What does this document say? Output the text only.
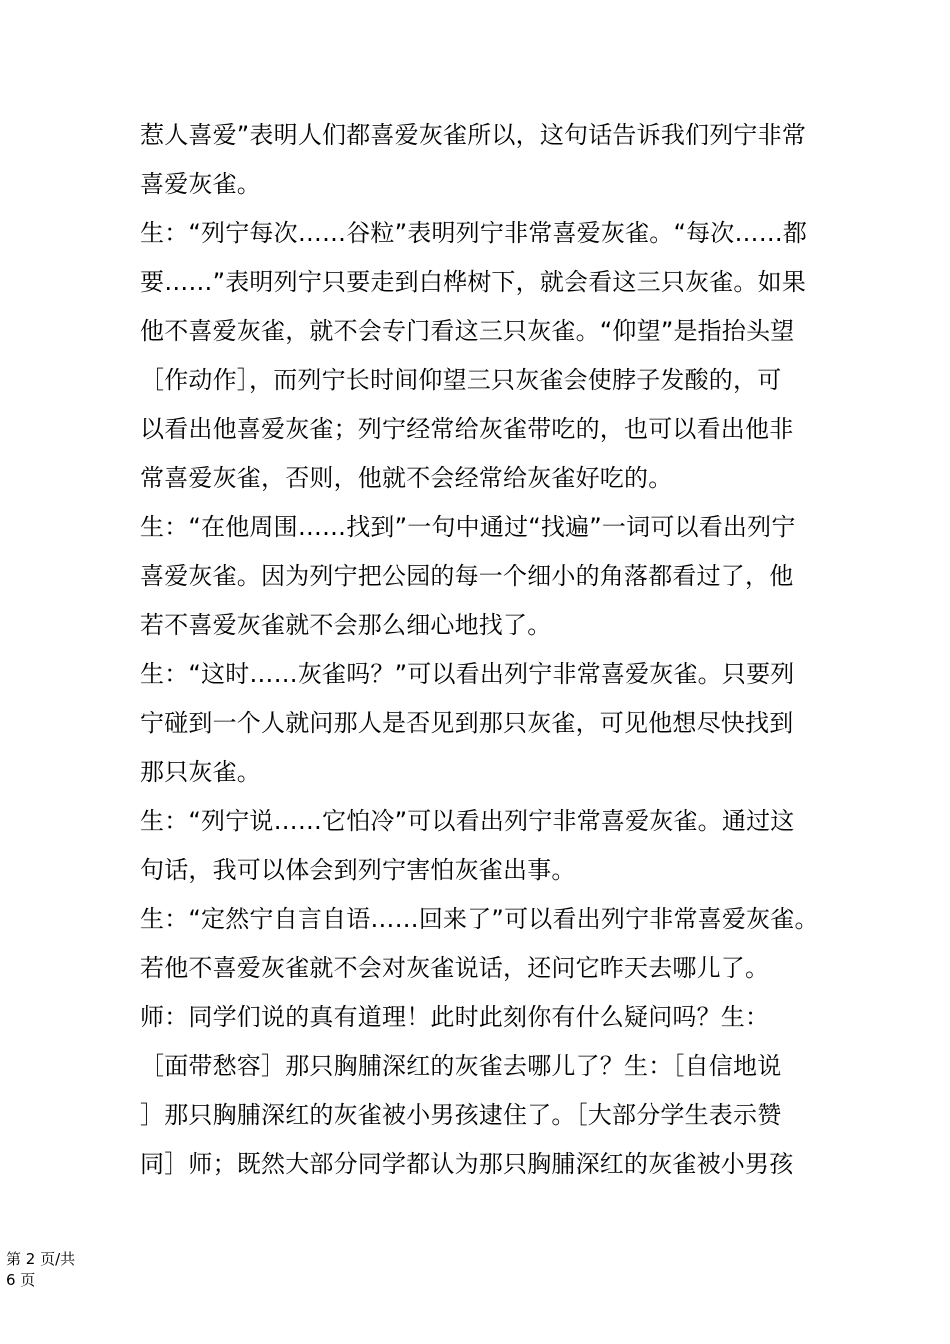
惹人喜爱”表明人们都喜爱灰雀所以，这句话告诉我们列宁非常
喜爱灰雀。
生：“列宁每次……谷粒”表明列宁非常喜爱灰雀。“每次……都
要……”表明列宁只要走到白桦树下，就会看这三只灰雀。如果
他不喜爱灰雀，就不会专门看这三只灰雀。“仰望”是指抬头望
［作动作］，而列宁长时间仰望三只灰雀会使脖子发酸的，可
以看出他喜爱灰雀；列宁经常给灰雀带吃的，也可以看出他非
常喜爱灰雀，否则，他就不会经常给灰雀好吃的。
生：“在他周围……找到”一句中通过“找遍”一词可以看出列宁
喜爱灰雀。因为列宁把公园的每一个细小的角落都看过了，他
若不喜爱灰雀就不会那么细心地找了。
生：“这时……灰雀吗？”可以看出列宁非常喜爱灰雀。只要列
宁碰到一个人就问那人是否见到那只灰雀，可见他想尽快找到
那只灰雀。
生：“列宁说……它怕冷”可以看出列宁非常喜爱灰雀。通过这
句话，我可以体会到列宁害怕灰雀出事。
生：“定然宁自言自语……回来了”可以看出列宁非常喜爱灰雀。
若他不喜爱灰雀就不会对灰雀说话，还问它昨天去哪儿了。
师：同学们说的真有道理！此时此刻你有什么疑问吗？生：
［面带愁容］那只胸脯深红的灰雀去哪儿了？生：［自信地说
］那只胸脯深红的灰雀被小男孩逮住了。［大部分学生表示赞
同］师；既然大部分同学都认为那只胸脯深红的灰雀被小男孩
第 2 页/共
6 页
